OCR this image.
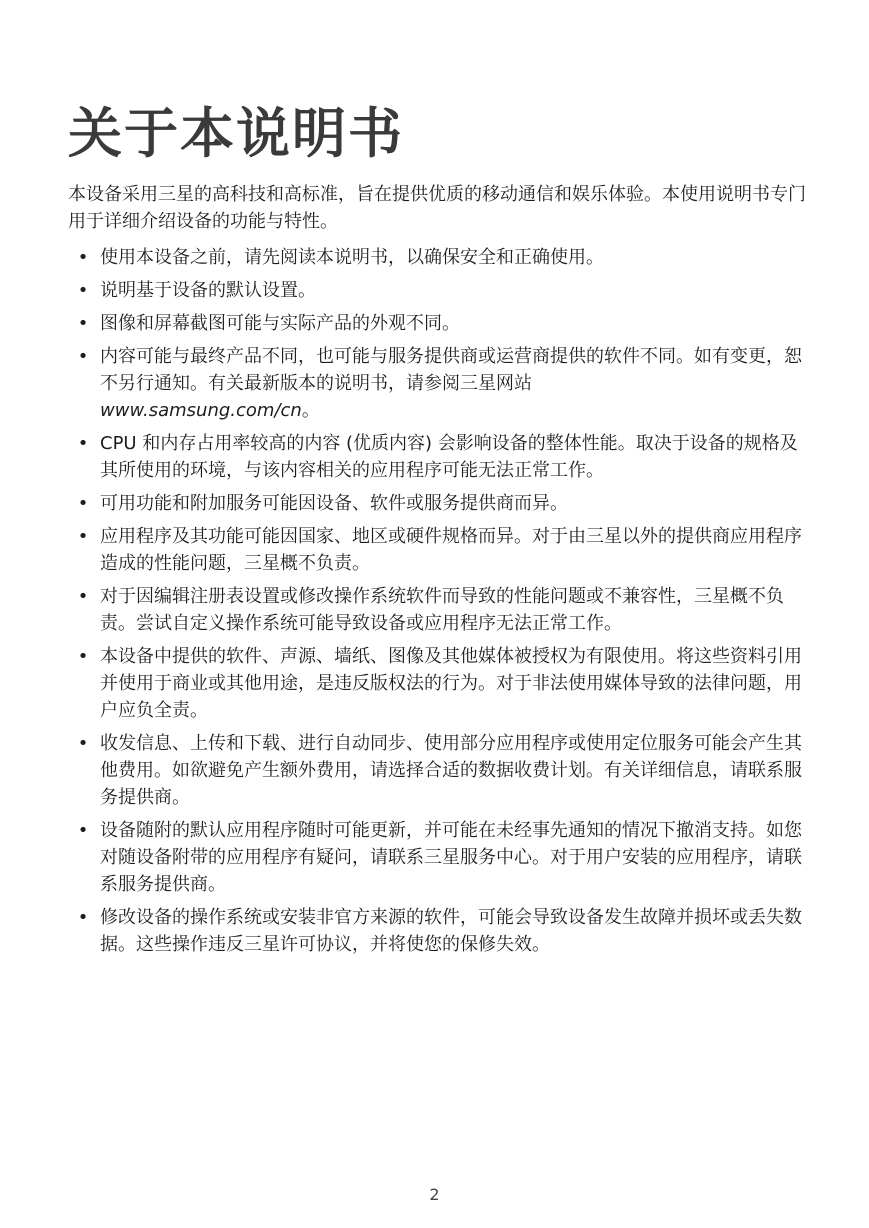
关于本说明书

本设备采用三星的高科技和高标准，旨在提供优质的移动通信和娱乐体验。本使用说明书专门用于详细介绍设备的功能与特性。

• 使用本设备之前，请先阅读本说明书，以确保安全和正确使用。
• 说明基于设备的默认设置。
• 图像和屏幕截图可能与实际产品的外观不同。
• 内容可能与最终产品不同，也可能与服务提供商或运营商提供的软件不同。如有变更，恕不另行通知。有关最新版本的说明书，请参阅三星网站
www.samsung.com/cn。
• CPU 和内存占用率较高的内容 (优质内容) 会影响设备的整体性能。取决于设备的规格及其所使用的环境，与该内容相关的应用程序可能无法正常工作。
• 可用功能和附加服务可能因设备、软件或服务提供商而异。
• 应用程序及其功能可能因国家、地区或硬件规格而异。对于由三星以外的提供商应用程序造成的性能问题，三星概不负责。
• 对于因编辑注册表设置或修改操作系统软件而导致的性能问题或不兼容性，三星概不负责。尝试自定义操作系统可能导致设备或应用程序无法正常工作。
• 本设备中提供的软件、声源、墙纸、图像及其他媒体被授权为有限使用。将这些资料引用并使用于商业或其他用途，是违反版权法的行为。对于非法使用媒体导致的法律问题，用户应负全责。
• 收发信息、上传和下载、进行自动同步、使用部分应用程序或使用定位服务可能会产生其他费用。如欲避免产生额外费用，请选择合适的数据收费计划。有关详细信息，请联系服务提供商。
• 设备随附的默认应用程序随时可能更新，并可能在未经事先通知的情况下撤消支持。如您对随设备附带的应用程序有疑问，请联系三星服务中心。对于用户安装的应用程序，请联系服务提供商。
• 修改设备的操作系统或安装非官方来源的软件，可能会导致设备发生故障并损坏或丢失数据。这些操作违反三星许可协议，并将使您的保修失效。
2
